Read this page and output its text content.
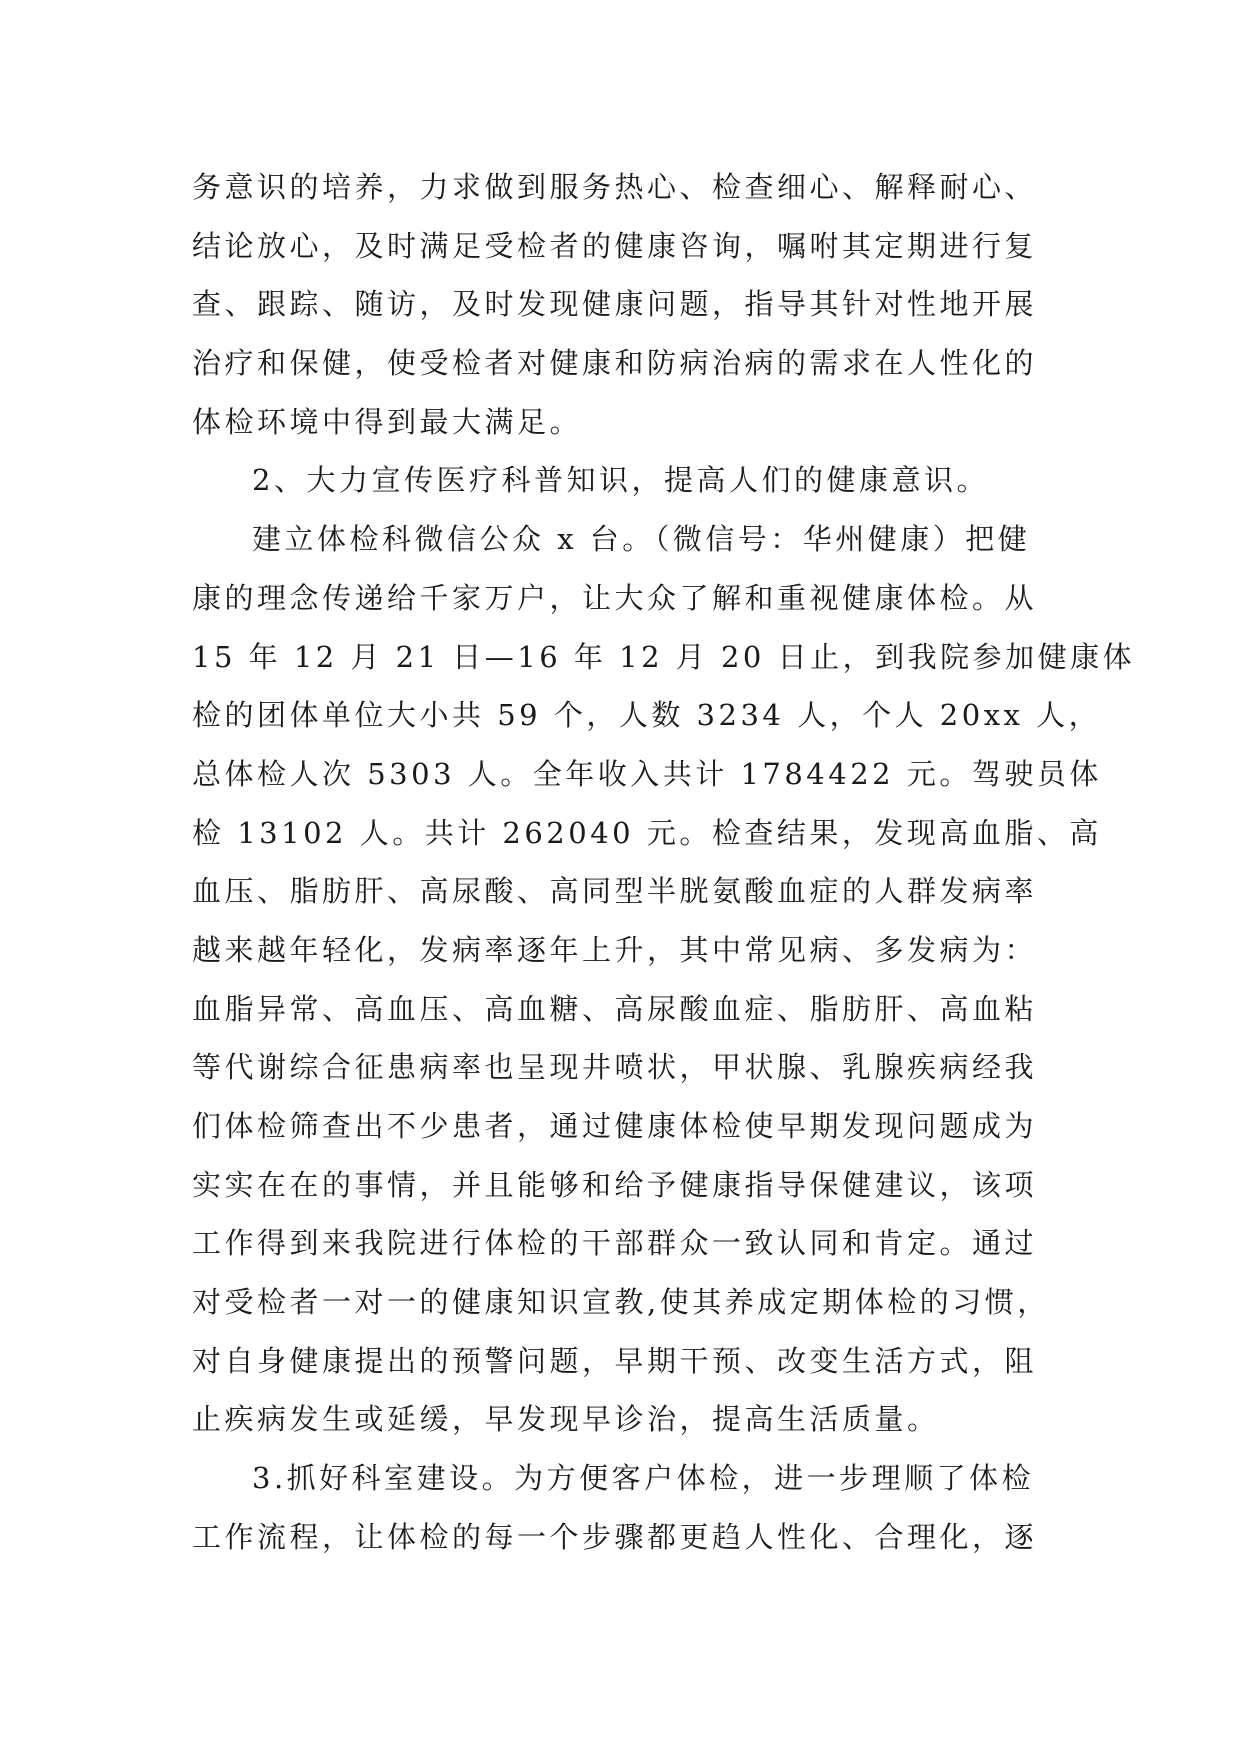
务意识的培养，力求做到服务热心、检查细心、解释耐心、
结论放心，及时满足受检者的健康咨询，嘱咐其定期进行复
查、跟踪、随访，及时发现健康问题，指导其针对性地开展
治疗和保健，使受检者对健康和防病治病的需求在人性化的
体检环境中得到最大满足。
2、大力宣传医疗科普知识，提高人们的健康意识。
建立体检科微信公众 x 台。（微信号：华州健康）把健
康的理念传递给千家万户，让大众了解和重视健康体检。从
15 年 12 月 21 日—16 年 12 月 20 日止，到我院参加健康体
检的团体单位大小共 59 个，人数 3234 人，个人 20xx 人，
总体检人次 5303 人。全年收入共计 1784422 元。驾驶员体
检 13102 人。共计 262040 元。检查结果，发现高血脂、高
血压、脂肪肝、高尿酸、高同型半胱氨酸血症的人群发病率
越来越年轻化，发病率逐年上升，其中常见病、多发病为：
血脂异常、高血压、高血糖、高尿酸血症、脂肪肝、高血粘
等代谢综合征患病率也呈现井喷状，甲状腺、乳腺疾病经我
们体检筛查出不少患者，通过健康体检使早期发现问题成为
实实在在的事情，并且能够和给予健康指导保健建议，该项
工作得到来我院进行体检的干部群众一致认同和肯定。通过
对受检者一对一的健康知识宣教,使其养成定期体检的习惯，
对自身健康提出的预警问题，早期干预、改变生活方式，阻
止疾病发生或延缓，早发现早诊治，提高生活质量。
3.抓好科室建设。为方便客户体检，进一步理顺了体检
工作流程，让体检的每一个步骤都更趋人性化、合理化，逐
